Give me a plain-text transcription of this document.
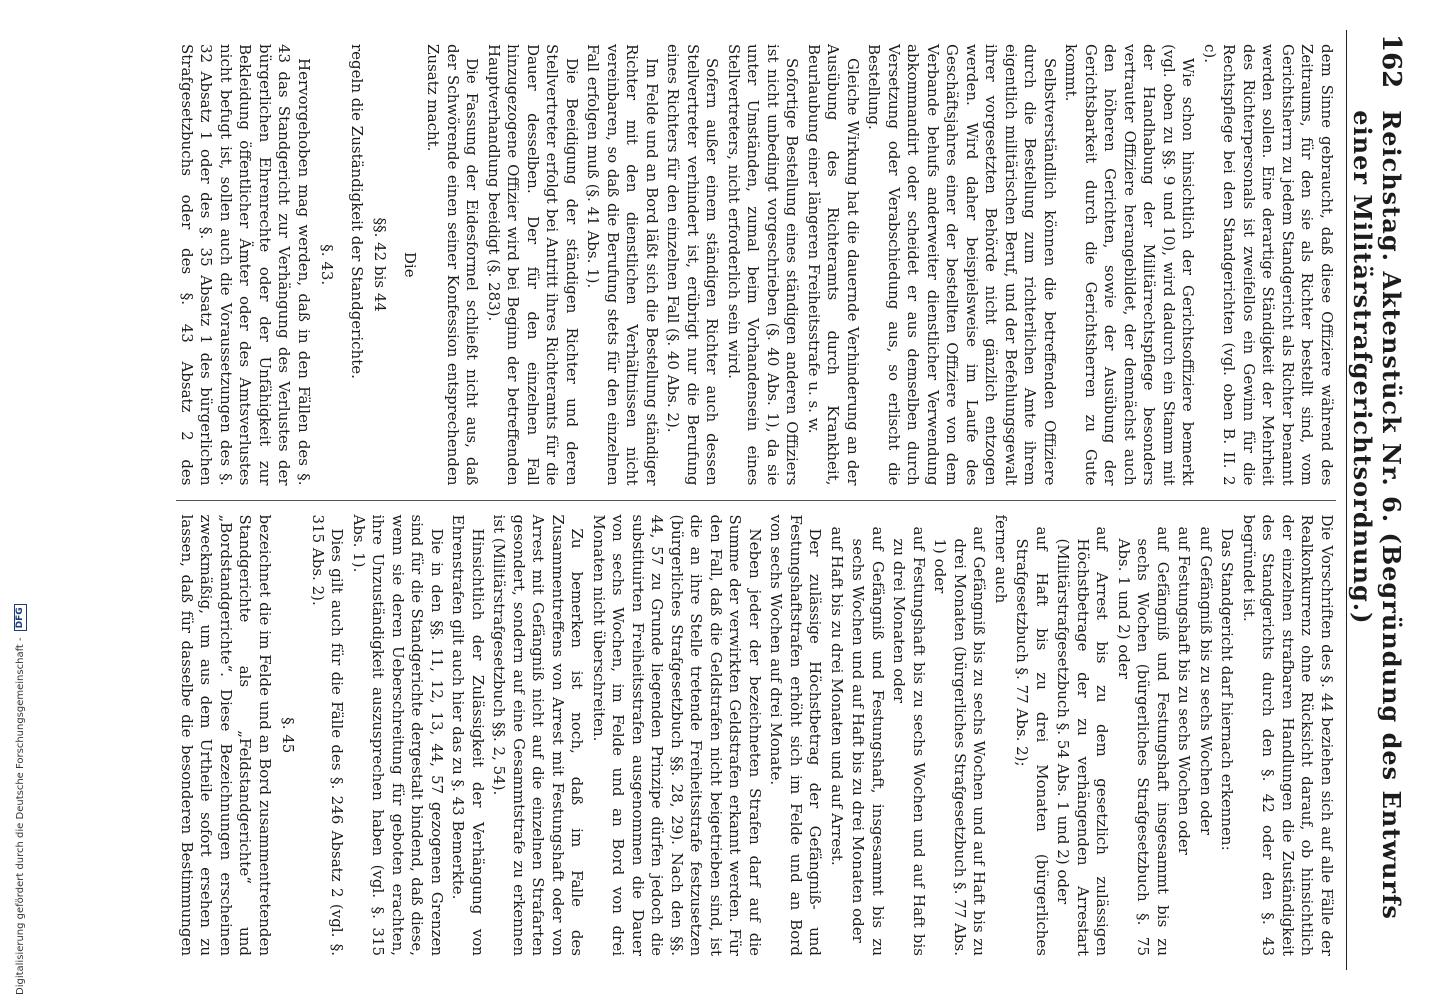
162
Reichstag. Aktenstück Nr. 6. (Begründung des Entwurfs einer Militärstrafgerichtsordnung.)

dem Sinne gebraucht, daß diese Offiziere während des Zeitraums, für den sie als Richter bestellt sind, vom Gerichtsherrn zu jedem Standgericht als Richter benannt werden sollen. Eine derartige Ständigkeit der Mehrheit des Richterpersonals ist zweifellos ein Gewinn für die Rechtspflege bei den Standgerichten (vgl. oben B. II. 2 c).

Wie schon hinsichtlich der Gerichtsoffiziere bemerkt (vgl. oben zu §§. 9 und 10), wird dadurch ein Stamm mit der Handhabung der Militärrechtspflege besonders vertrauter Offiziere herangebildet, der demnächst auch den höheren Gerichten, sowie der Ausübung der Gerichtsbarkeit durch die Gerichtsherren zu Gute kommt.

Selbstverständlich können die betreffenden Offiziere durch die Bestellung zum richterlichen Amte ihrem eigentlich militärischen Beruf, und der Befehlungsgewalt ihrer vorgesetzten Behörde nicht gänzlich entzogen werden. Wird daher beispielsweise im Laufe des Geschäftsjahres einer der bestellten Offiziere von dem Verbande behufs anderweiter dienstlicher Verwendung abkommandirt oder scheidet er aus demselben durch Versetzung oder Verabschiedung aus, so erlischt die Bestellung.

Gleiche Wirkung hat die dauernde Verhinderung an der Ausübung des Richteramts durch Krankheit, Beurlaubung einer längeren Freiheitsstrafe u. s. w.

Sofortige Bestellung eines ständigen anderen Offiziers ist nicht unbedingt vorgeschrieben (§. 40 Abs. 1), da sie unter Umständen, zumal beim Vorhandensein eines Stellvertreters, nicht erforderlich sein wird.

Sofern außer einem ständigen Richter auch dessen Stellvertreter verhindert ist, erübrigt nur die Berufung eines Richters für den einzelnen Fall (§. 40 Abs. 2).

Im Felde und an Bord läßt sich die Bestellung ständiger Richter mit den dienstlichen Verhältnissen nicht vereinbaren, so daß die Berufung stets für den einzelnen Fall erfolgen muß (§. 41 Abs. 1).

Die Beeidigung der ständigen Richter und deren Stellvertreter erfolgt bei Antritt ihres Richteramts für die Dauer desselben. Der für den einzelnen Fall hinzugezogene Offizier wird bei Beginn der betreffenden Hauptverhandlung beeidigt (§. 283).

Die Fassung der Eidesformel schließt nicht aus, daß der Schwörende einen seiner Konfession entsprechenden Zusatz macht.

Die

§§. 42 bis 44

regeln die Zuständigkeit der Standgerichte.

§. 43.

Hervorgehoben mag werden, daß in den Fällen des §. 43 das Standgericht zur Verhängung des Verlustes der bürgerlichen Ehrenrechte oder der Unfähigkeit zur Bekleidung öffentlicher Ämter oder des Amtsverlustes nicht befugt ist, sollen auch die Voraussetzungen des §. 32 Absatz 1 oder des §. 35 Absatz 1 des bürgerlichen Strafgesetzbuchs oder des §. 43 Absatz 2 des

Die Vorschriften des §. 44 beziehen sich auf alle Fälle der Realkonkurrenz ohne Rücksicht darauf, ob hinsichtlich der einzelnen strafbaren Handlungen die Zuständigkeit des Standgerichts durch den §. 42 oder den §. 43 begründet ist.

Das Standgericht darf hiernach erkennen:

auf Gefängniß bis zu sechs Wochen oder

auf Festungshaft bis zu sechs Wochen oder

auf Gefängniß und Festungshaft insgesammt bis zu sechs Wochen (bürgerliches Strafgesetzbuch §. 75 Abs. 1 und 2) oder

auf Arrest bis zu dem gesetzlich zulässigen Höchstbetrage der zu verhängenden Arrestart (Militärstrafgesetzbuch §. 54 Abs. 1 und 2) oder

auf Haft bis zu drei Monaten (bürgerliches Strafgesetzbuch §. 77 Abs. 2);

ferner auch

auf Gefängniß bis zu sechs Wochen und auf Haft bis zu drei Monaten (bürgerliches Strafgesetzbuch §. 77 Abs. 1) oder

auf Festungshaft bis zu sechs Wochen und auf Haft bis zu drei Monaten oder

auf Gefängniß und Festungshaft, insgesammt bis zu sechs Wochen und auf Haft bis zu drei Monaten oder

auf Haft bis zu drei Monaten und auf Arrest.

Der zulässige Höchstbetrag der Gefängniß- und Festungshaftstrafen erhöht sich im Felde und an Bord von sechs Wochen auf drei Monate.

Neben jeder der bezeichneten Strafen darf auf die Summe der verwirkten Geldstrafen erkannt werden. Für den Fall, daß die Geldstrafen nicht beigetrieben sind, ist die an ihre Stelle tretende Freiheitsstrafe festzusetzen (bürgerliches Strafgesetzbuch §§. 28, 29). Nach den §§. 44, 57 zu Grunde liegenden Prinzipe dürfen jedoch die substituirten Freiheitsstrafen ausgenommen die Dauer von sechs Wochen, im Felde und an Bord von drei Monaten nicht überschreiten.

Zu bemerken ist noch, daß im Falle des Zusammentreffens von Arrest mit Festungshaft oder von Arrest mit Gefängniß nicht auf die einzelnen Strafarten gesondert, sondern auf eine Gesammtstrafe zu erkennen ist (Militärstrafgesetzbuch §§. 2, 54).

Hinsichtlich der Zulässigkeit der Verhängung von Ehrenstrafen gilt auch hier das zu §. 43 Bemerkte.

Die in den §§. 11, 12, 13, 44, 57 gezogenen Grenzen sind für die Standgerichte dergestalt bindend, daß diese, wenn sie deren Ueberschreitung für geboten erachten, ihre Unzuständigkeit auszusprechen haben (vgl. §. 315 Abs. 1).

Dies gilt auch für die Fälle des §. 246 Absatz 2 (vgl. §. 315 Abs. 2).

§. 45

bezeichnet die im Felde und an Bord zusammentretenden Standgerichte als „Feldstandgerichte“ und „Bordstandgerichte“. Diese Bezeichnungen erscheinen zweckmäßig, um aus dem Urtheile sofort ersehen zu lassen, daß für dasselbe die besonderen Bestimmungen

Digitalisierung gefördert durch die Deutsche Forschungsgemeinschaft -
DFG
